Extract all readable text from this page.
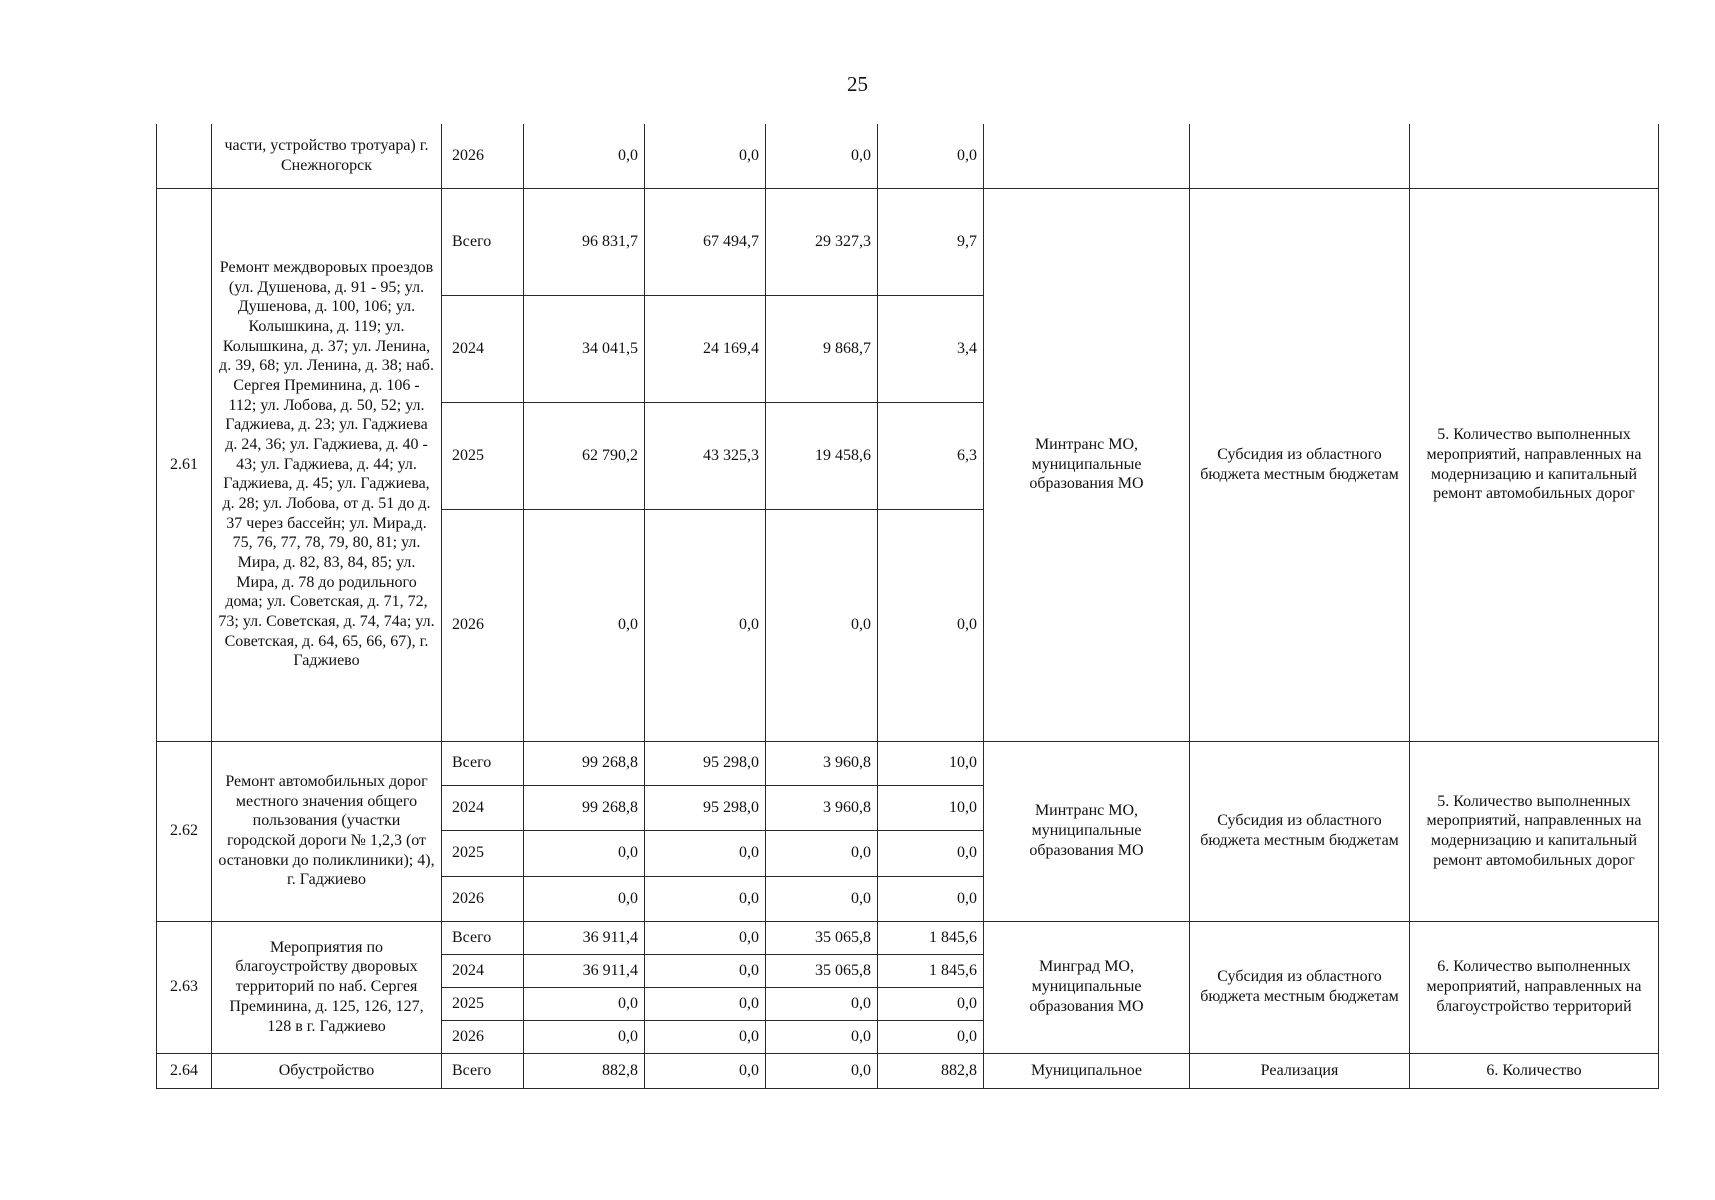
25
	части, устройство тротуара) г. Снежногорск	2026	0,0	0,0	0,0	0,0			
2.61	Ремонт междворовых проездов (ул. Душенова, д. 91 - 95; ул. Душенова, д. 100, 106; ул. Колышкина, д. 119; ул. Колышкина, д. 37; ул. Ленина, д. 39, 68; ул. Ленина, д. 38; наб. Сергея Преминина, д. 106 - 112; ул. Лобова, д. 50, 52; ул. Гаджиева, д. 23; ул. Гаджиева д. 24, 36; ул. Гаджиева, д. 40 - 43; ул. Гаджиева, д. 44; ул. Гаджиева, д. 45; ул. Гаджиева, д. 28; ул. Лобова, от д. 51 до д. 37 через бассейн; ул. Мира,д. 75, 76, 77, 78, 79, 80, 81; ул. Мира, д. 82, 83, 84, 85; ул. Мира, д. 78 до родильного дома; ул. Советская, д. 71, 72, 73; ул. Советская, д. 74, 74а; ул. Советская, д. 64, 65, 66, 67), г. Гаджиево	Всего	96 831,7	67 494,7	29 327,3	9,7	Минтранс МО, муниципальные образования МО	Субсидия из областного бюджета местным бюджетам	5. Количество выполненных мероприятий, направленных на модернизацию и капитальный ремонт автомобильных дорог
		2024	34 041,5	24 169,4	9 868,7	3,4			
		2025	62 790,2	43 325,3	19 458,6	6,3			
		2026	0,0	0,0	0,0	0,0			
2.62	Ремонт автомобильных дорог местного значения общего пользования (участки городской дороги № 1,2,3 (от остановки до поликлиники); 4), г. Гаджиево	Всего	99 268,8	95 298,0	3 960,8	10,0	Минтранс МО, муниципальные образования МО	Субсидия из областного бюджета местным бюджетам	5. Количество выполненных мероприятий, направленных на модернизацию и капитальный ремонт автомобильных дорог
		2024	99 268,8	95 298,0	3 960,8	10,0			
		2025	0,0	0,0	0,0	0,0			
		2026	0,0	0,0	0,0	0,0			
2.63	Мероприятия по благоустройству дворовых территорий по наб. Сергея Преминина, д. 125, 126, 127, 128 в г. Гаджиево	Всего	36 911,4	0,0	35 065,8	1 845,6	Минград МО, муниципальные образования МО	Субсидия из областного бюджета местным бюджетам	6. Количество выполненных мероприятий, направленных на благоустройство территорий
		2024	36 911,4	0,0	35 065,8	1 845,6			
		2025	0,0	0,0	0,0	0,0			
		2026	0,0	0,0	0,0	0,0			
2.64	Обустройство	Всего	882,8	0,0	0,0	882,8	Муниципальное	Реализация	6. Количество
